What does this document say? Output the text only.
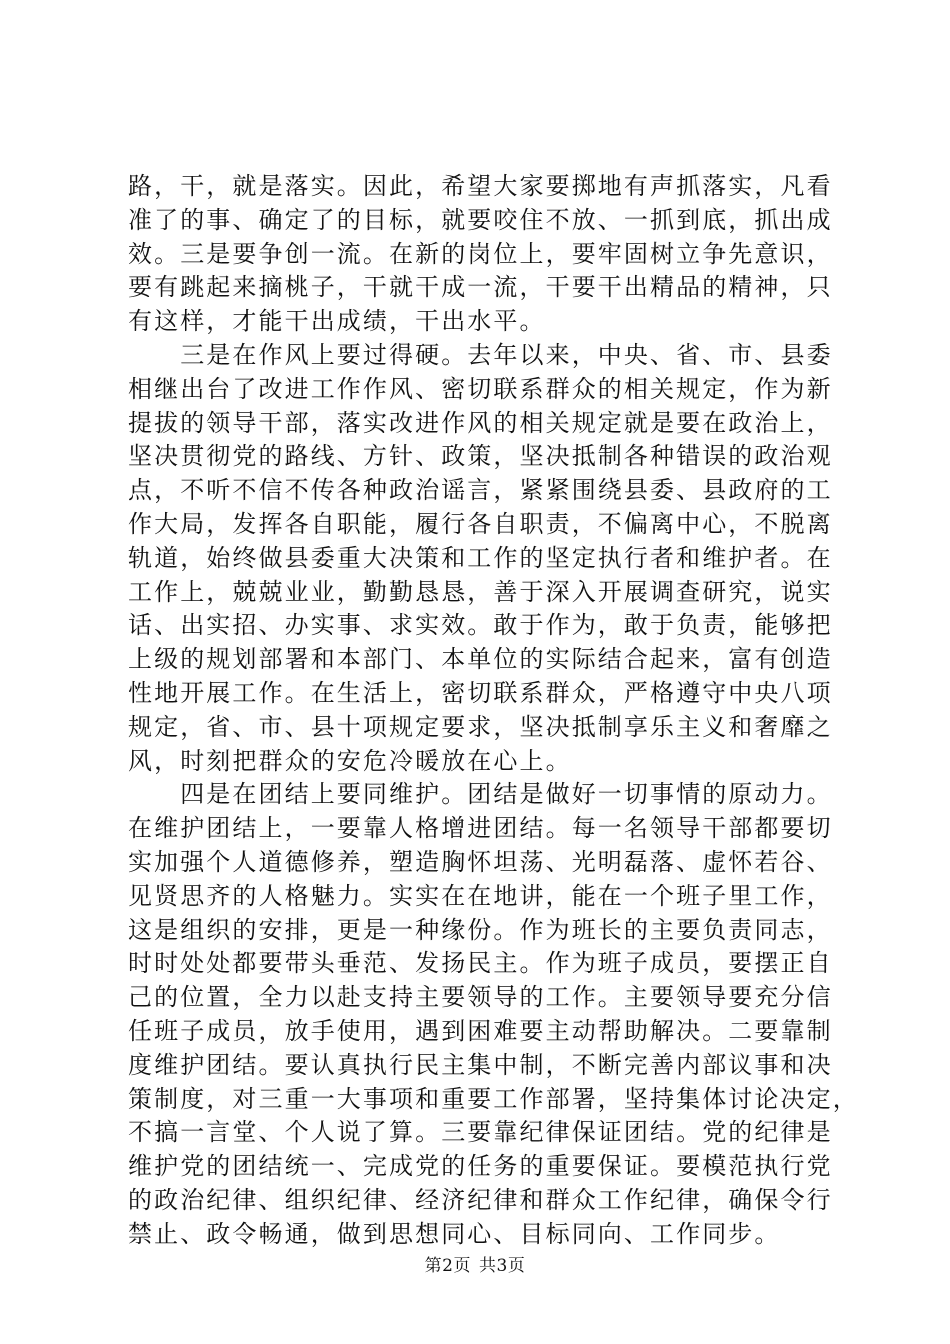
路，干，就是落实。因此，希望大家要掷地有声抓落实，凡看
准了的事、确定了的目标，就要咬住不放、一抓到底，抓出成
效。三是要争创一流。在新的岗位上，要牢固树立争先意识，
要有跳起来摘桃子，干就干成一流，干要干出精品的精神，只
有这样，才能干出成绩，干出水平。
　　三是在作风上要过得硬。去年以来，中央、省、市、县委
相继出台了改进工作作风、密切联系群众的相关规定，作为新
提拔的领导干部，落实改进作风的相关规定就是要在政治上，
坚决贯彻党的路线、方针、政策，坚决抵制各种错误的政治观
点，不听不信不传各种政治谣言，紧紧围绕县委、县政府的工
作大局，发挥各自职能，履行各自职责，不偏离中心，不脱离
轨道，始终做县委重大决策和工作的坚定执行者和维护者。在
工作上，兢兢业业，勤勤恳恳，善于深入开展调查研究，说实
话、出实招、办实事、求实效。敢于作为，敢于负责，能够把
上级的规划部署和本部门、本单位的实际结合起来，富有创造
性地开展工作。在生活上，密切联系群众，严格遵守中央八项
规定，省、市、县十项规定要求，坚决抵制享乐主义和奢靡之
风，时刻把群众的安危冷暖放在心上。
　　四是在团结上要同维护。团结是做好一切事情的原动力。
在维护团结上，一要靠人格增进团结。每一名领导干部都要切
实加强个人道德修养，塑造胸怀坦荡、光明磊落、虚怀若谷、
见贤思齐的人格魅力。实实在在地讲，能在一个班子里工作，
这是组织的安排，更是一种缘份。作为班长的主要负责同志，
时时处处都要带头垂范、发扬民主。作为班子成员，要摆正自
己的位置，全力以赴支持主要领导的工作。主要领导要充分信
任班子成员，放手使用，遇到困难要主动帮助解决。二要靠制
度维护团结。要认真执行民主集中制，不断完善内部议事和决
策制度，对三重一大事项和重要工作部署，坚持集体讨论决定，
不搞一言堂、个人说了算。三要靠纪律保证团结。党的纪律是
维护党的团结统一、完成党的任务的重要保证。要模范执行党
的政治纪律、组织纪律、经济纪律和群众工作纪律，确保令行
禁止、政令畅通，做到思想同心、目标同向、工作同步。
第2页 共3页
